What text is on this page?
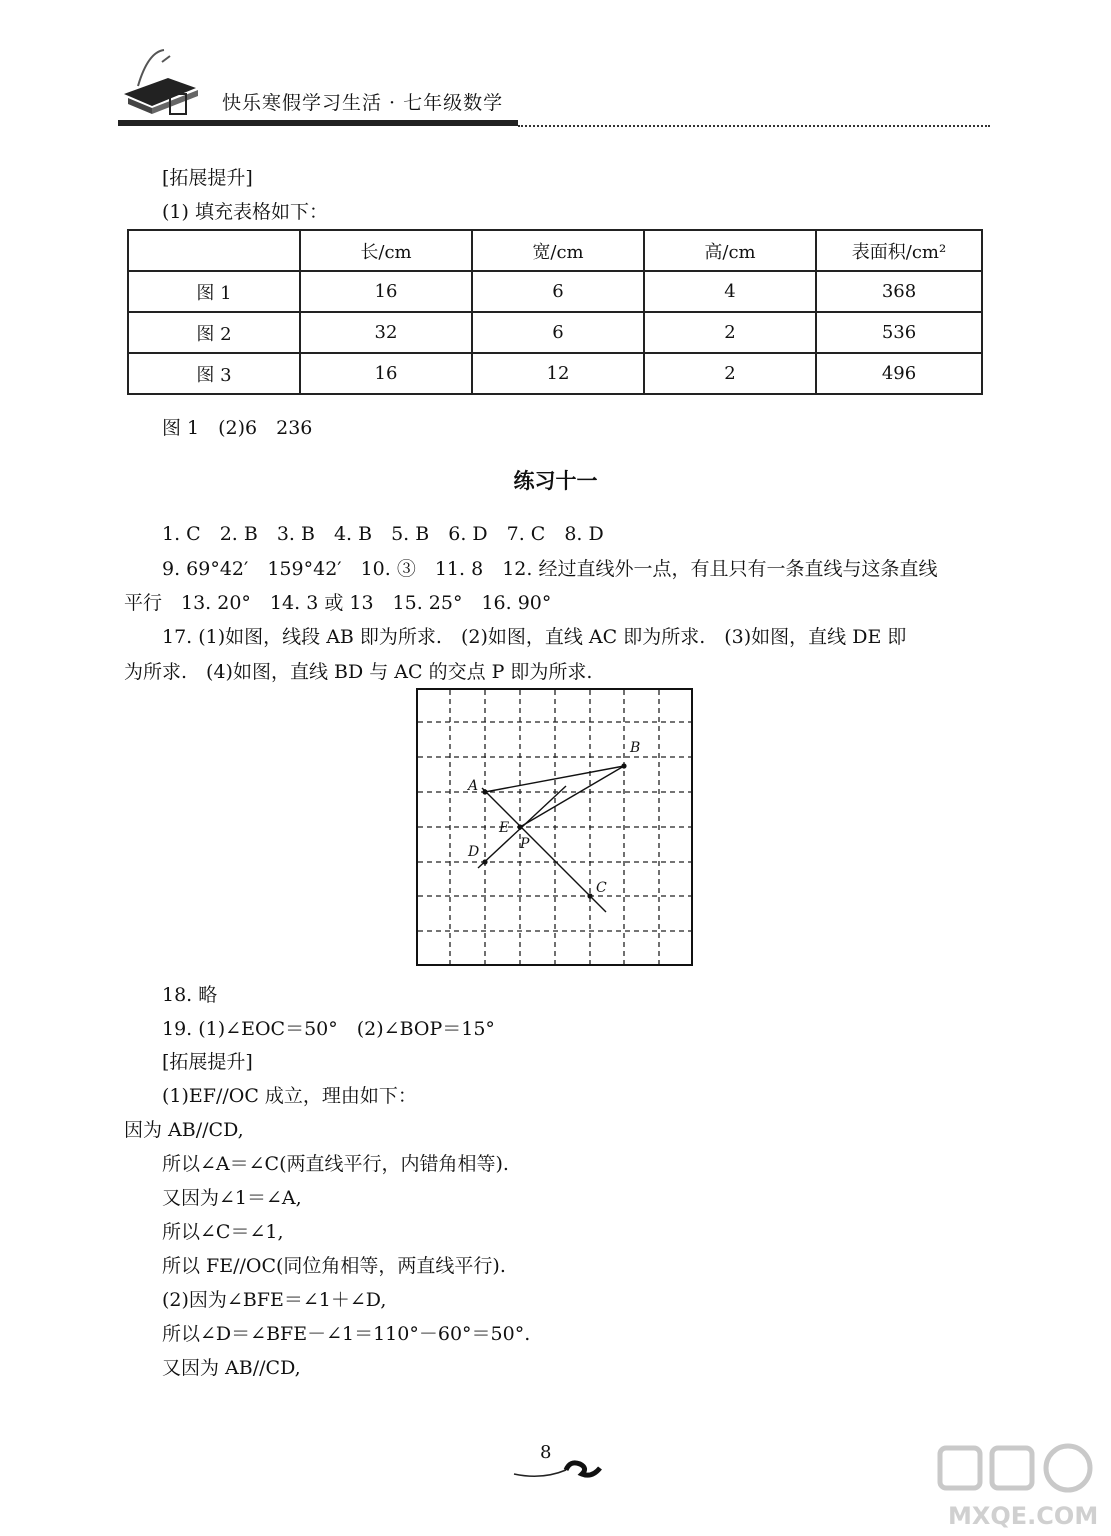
快乐寒假学习生活 · 七年级数学
[拓展提升]
(1) 填充表格如下：
	长/cm	宽/cm	高/cm	表面积/cm²
图 1	16	6	4	368
图 2	32	6	2	536
图 3	16	12	2	496
图 1　(2)6　236
练习十一
1. C　2. B　3. B　4. B　5. B　6. D　7. C　8. D
9. 69°42′　159°42′　10. ③　11. 8　12. 经过直线外一点，有且只有一条直线与这条直线
平行　13. 20°　14. 3 或 13　15. 25°　16. 90°
17. (1)如图，线段 AB 即为所求.　(2)如图，直线 AC 即为所求.　(3)如图，直线 DE 即
为所求.　(4)如图，直线 BD 与 AC 的交点 P 即为所求.
A
B
C
D
E
P
18. 略
19. (1)∠EOC＝50°　(2)∠BOP＝15°
[拓展提升]
(1)EF//OC 成立，理由如下：
因为 AB//CD,
所以∠A＝∠C(两直线平行，内错角相等).
又因为∠1＝∠A,
所以∠C＝∠1,
所以 FE//OC(同位角相等，两直线平行).
(2)因为∠BFE＝∠1＋∠D,
所以∠D＝∠BFE－∠1＝110°－60°＝50°.
又因为 AB//CD,
8
MXQE.COM
